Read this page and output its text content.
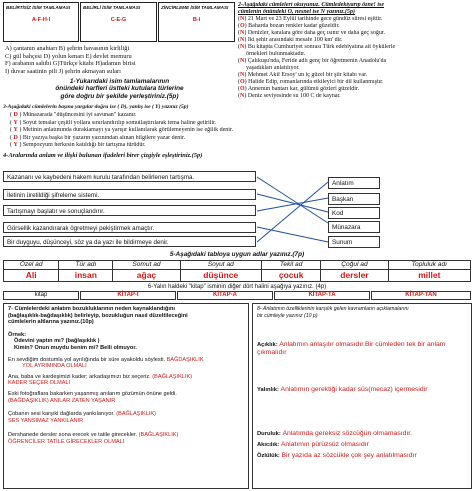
BELİRTİSİZ İSİM TAMLAMASI
A-F-H-I
BELİRLİ İSİM TAMLAMASI
C-E-G
ZİNCİRLEME İSİM TAMLAMASI
B-I
A) çantanın anahtarı B) şehrin havasının kirliliği
C) gül bahçesi D) yolun kenarı E) devlet memuru
F) arabanın sahibi G)Türkçe kitabı H)adamın birisi
I) duvar saatinin pili J) şehrin akmayan suları
1-Yukarıdaki isim tamlamalarının
önündeki harfleri üstteki kutulara türlerine
göre doğru bir şekilde yerleştiriniz.(5p)
3-Aşağıdaki cümlelerin başına yargılar doğru ise ( D), yanlış ise ( Y) yazınız (5p)
( D ) Münazarada "düşüncesini iyi savunan" kazanır.
( Y ) Soyut temalar çeşitli yollara sınırlandırılıp somutlaştırılarak tema haline getirilir.
( Y ) Metinin anlatımında duraklamayı ya yarışır kullanılarak görülemeyenin ise eğilik denir.
( D ) Bir yazıya başka bir yazarın yazınından alınan bilgilere yazar denir.
( Y ) Sempozyum herkesin katıldığı bir tartışma türüdür.
2-Aşağıdaki cümleleri okuyunuz. Cümledekiyarıp özne! ise
cümlenin önündeki Ö, nesnel ise N yazınız.(5p)
(N) 21 Mart ve 23 Eylül tarihinde gece gündüz süresi eşittir.
(Ö) Baharda bozan renkler kadar güzeldir.
(N) Denizler, karalara göre daha geç ısınır ve daha geç soğur.
(N) İki şehir arasındaki mesafe 100 km' dir.
(N) Bu kitapta Cumhuriyet sonrası Türk edebiyatına ait öykülerle
örnekleri bulunmaktadır.
(N) Çalıkuşu'nda, Feride adlı genç bir öğretmenin Anadolu'da
yaşadıkları anlatılıyor.
(N) Mehmet Akif Ersoy' un iç güzel bir şiir kitabı var.
(Ö) Halide Edip, romanlarında etkileyici bir dil kullanmıştır.
(Ö) Annemın bantarı kar, gülümü gözleri güzeldir.
(N) Deniz seviyesinde su 100 C de kaynar.
4-Aralarında anlam ve ilişki bulunan ifadeleri birer çizgiyle eşleştiriniz.(5p)
Kazananı ve kaybedeni hakem kurulu tarafından belirlenen tartışma.
İletinin üretildiği şifreleme sistemi.
Tartışmayı başlatır ve sonuçlandırır.
Görsellik kazandırarak ögretmeyi pekiştirmek amaçtır.
Bir duyguyu, düşünceyi, söz ya da yazı ile bildirmeye denir.
Anlatım
Başkan
Kod
Münazara
Sunum
5-Aşağıdaki tabloya uygun adlar yazınız.(7p)
Özel ad	Tür adı	Somut ad	Soyut ad	Tekil ad	Çoğul ad	Topluluk adı
Ali	insan	ağaç	düşünce	çocuk	dersler	millet
6-Yalın haldeki "kitap" isminin diğer dört halini aşağıya yazınız. (4p)
kitap	KİTAP-I	KİTAP-A	KİTAP-TA	KİTAP-TAN
7- Cümlelerdeki anlatım bozukluklarının neden kaynaklandığını
(bağlaşıklık-bağdaşıklık) belirleyip, bozukluğun nasıl düzeltileceğini
cümlelerin altlarına yazınız.(10p)
Örnek:
Ödevini yaptın mı? (bağlaşıklık )
Kimin? Onun muydu benim mi? Belli olmuyor.
En sevdiğim dostumla yol ayrılığında bir süre ayakoldu söylesti. BAĞDAŞIKLIK
YOL AYRIMINDA OLMALI
Ana, baba ve kardeşimizi kader; arkadaşımızı biz seçeriz. (BAĞLAŞIKLIK)
KADER SEÇER OLMALI
Eski fotoğraflara bakarken yaşanmış anılarım gözümün önüne geldi.
(BAĞDAŞIKLIK) ANILAR ZATEN YAŞANIR
Çobanın sesi karşıki dağlarda yankılanıyor. (BAĞLAŞIKLIK)
SES YANSIMAZ YANKILANIR
Dershanede dersler sona erecek ve tatile girecekler. (BAĞLAŞIKLIK)
ÖĞRENCİLER TATİLE GİRECEKLER OLMALI
8- Anlatımın özelliklerinin karşılık gelen kavramların açıklamalarını
bir cümleyle yazınız (10 p)
Açıklık: Anlatımın anlaşılır olmasıdır.Bir cümleden tek bir anlam çıkmalıdır
Yalınlık: Anlatımın gerektiği kadar süs(mecaz) içermesidir
Duruluk: Anlatımda gereksiz sözcüğün olmamasıdır.
Akıcılık: Anlatımın pürüzsüz olmasıdır
Özlülük: Bir yazıda az sözcükle çok şey anlatılmasıdır
